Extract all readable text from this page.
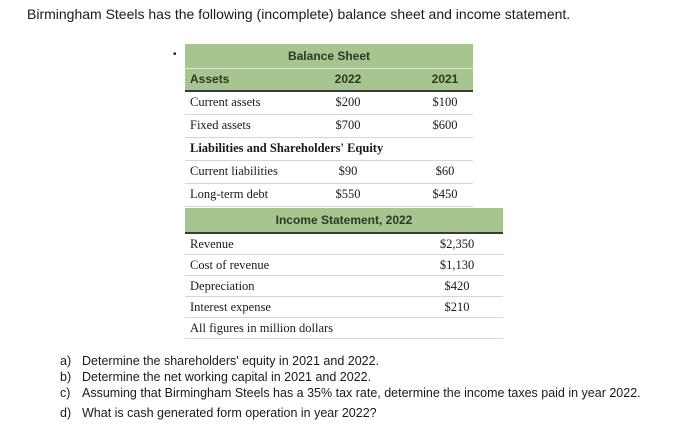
Birmingham Steels has the following (incomplete) balance sheet and income statement.
•	Balance Sheet
Assets	2022	2021
Current assets	$200	$100
Fixed assets	$700	$600
Liabilities and Shareholders' Equity
Current liabilities	$90	$60
Long-term debt	$550	$450
Income Statement, 2022
Revenue	$2,350
Cost of revenue	$1,130
Depreciation	$420
Interest expense	$210
All figures in million dollars
a) Determine the shareholders' equity in 2021 and 2022.
b) Determine the net working capital in 2021 and 2022.
c) Assuming that Birmingham Steels has a 35% tax rate, determine the income taxes paid in year 2022.
d) What is cash generated form operation in year 2022?
